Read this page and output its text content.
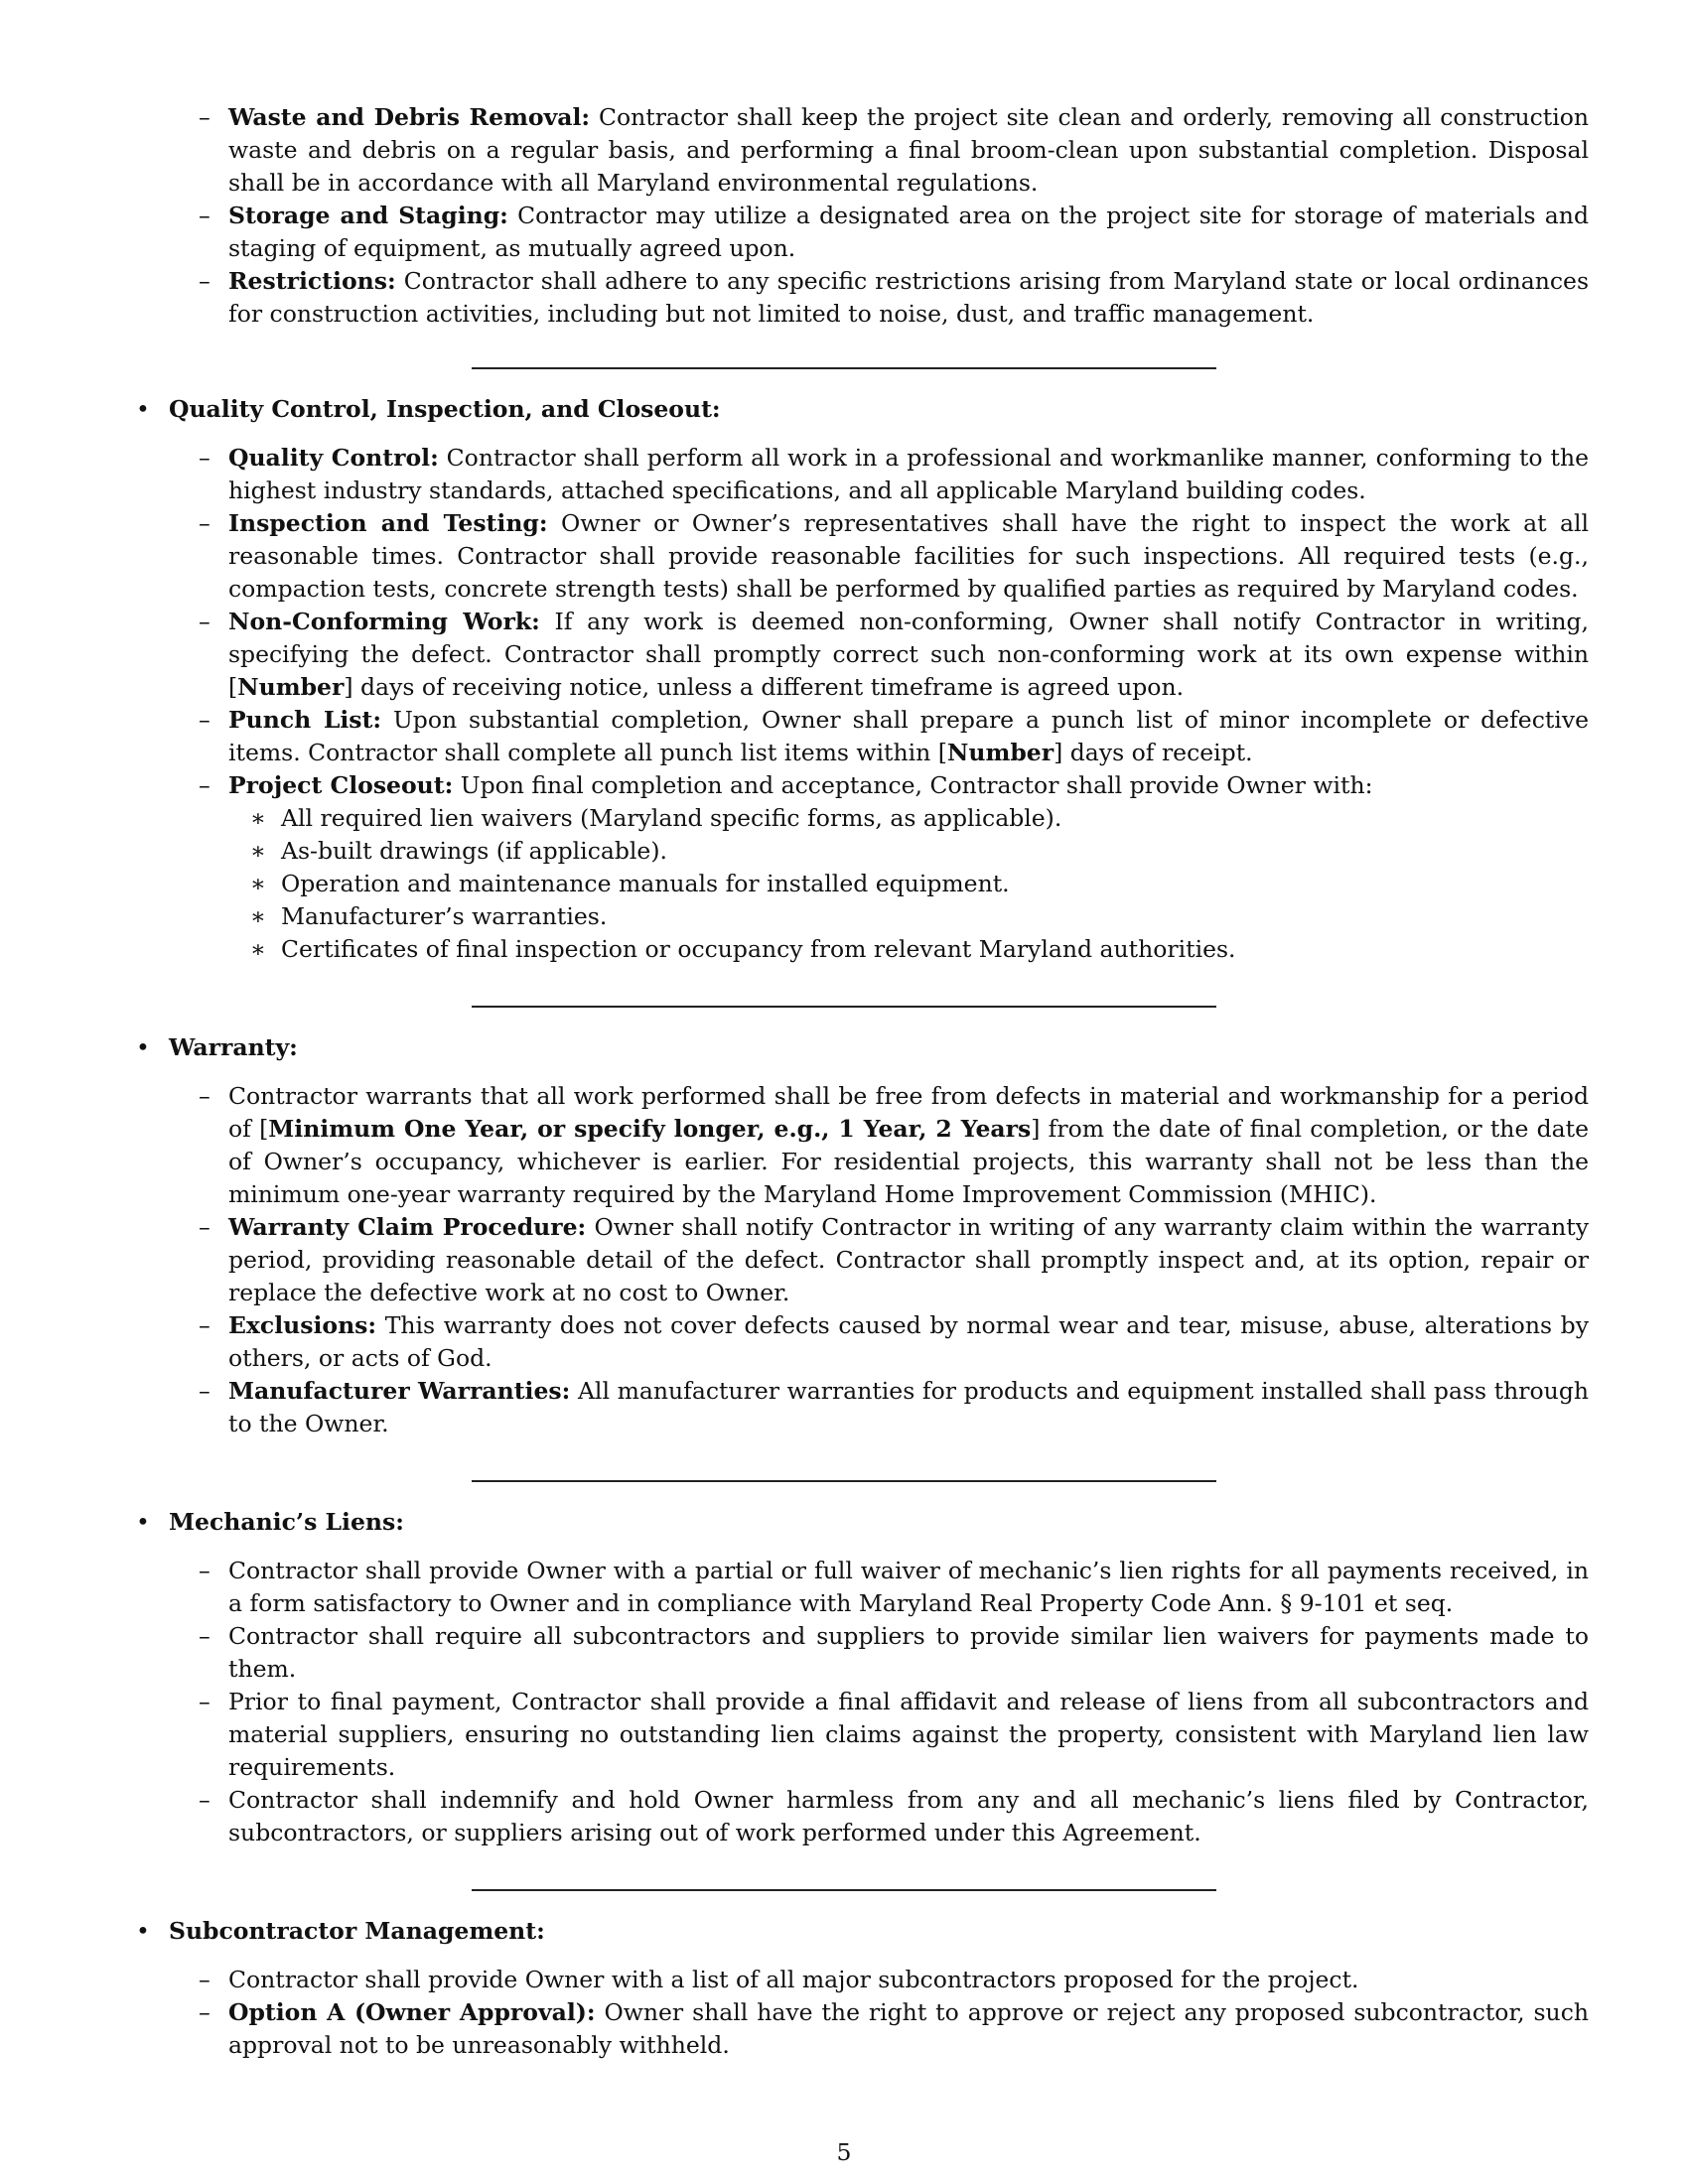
– Waste and Debris Removal: Contractor shall keep the project site clean and orderly, removing all construction waste and debris on a regular basis, and performing a final broom-clean upon substantial completion. Disposal shall be in accordance with all Maryland environmental regulations.
– Storage and Staging: Contractor may utilize a designated area on the project site for storage of materials and staging of equipment, as mutually agreed upon.
– Restrictions: Contractor shall adhere to any specific restrictions arising from Maryland state or local ordinances for construction activities, including but not limited to noise, dust, and traffic management.
• Quality Control, Inspection, and Closeout:
– Quality Control: Contractor shall perform all work in a professional and workmanlike manner, conforming to the highest industry standards, attached specifications, and all applicable Maryland building codes.
– Inspection and Testing: Owner or Owner’s representatives shall have the right to inspect the work at all reasonable times. Contractor shall provide reasonable facilities for such inspections. All required tests (e.g., compaction tests, concrete strength tests) shall be performed by qualified parties as required by Maryland codes.
– Non-Conforming Work: If any work is deemed non-conforming, Owner shall notify Contractor in writing, specifying the defect. Contractor shall promptly correct such non-conforming work at its own expense within [Number] days of receiving notice, unless a different timeframe is agreed upon.
– Punch List: Upon substantial completion, Owner shall prepare a punch list of minor incomplete or defective items. Contractor shall complete all punch list items within [Number] days of receipt.
– Project Closeout: Upon final completion and acceptance, Contractor shall provide Owner with:
∗ All required lien waivers (Maryland specific forms, as applicable).
∗ As-built drawings (if applicable).
∗ Operation and maintenance manuals for installed equipment.
∗ Manufacturer’s warranties.
∗ Certificates of final inspection or occupancy from relevant Maryland authorities.
• Warranty:
– Contractor warrants that all work performed shall be free from defects in material and workmanship for a period of [Minimum One Year, or specify longer, e.g., 1 Year, 2 Years] from the date of final completion, or the date of Owner’s occupancy, whichever is earlier. For residential projects, this warranty shall not be less than the minimum one-year warranty required by the Maryland Home Improvement Commission (MHIC).
– Warranty Claim Procedure: Owner shall notify Contractor in writing of any warranty claim within the warranty period, providing reasonable detail of the defect. Contractor shall promptly inspect and, at its option, repair or replace the defective work at no cost to Owner.
– Exclusions: This warranty does not cover defects caused by normal wear and tear, misuse, abuse, alterations by others, or acts of God.
– Manufacturer Warranties: All manufacturer warranties for products and equipment installed shall pass through to the Owner.
• Mechanic’s Liens:
– Contractor shall provide Owner with a partial or full waiver of mechanic’s lien rights for all payments received, in a form satisfactory to Owner and in compliance with Maryland Real Property Code Ann. § 9-101 et seq.
– Contractor shall require all subcontractors and suppliers to provide similar lien waivers for payments made to them.
– Prior to final payment, Contractor shall provide a final affidavit and release of liens from all subcontractors and material suppliers, ensuring no outstanding lien claims against the property, consistent with Maryland lien law requirements.
– Contractor shall indemnify and hold Owner harmless from any and all mechanic’s liens filed by Contractor, subcontractors, or suppliers arising out of work performed under this Agreement.
• Subcontractor Management:
– Contractor shall provide Owner with a list of all major subcontractors proposed for the project.
– Option A (Owner Approval): Owner shall have the right to approve or reject any proposed subcontractor, such approval not to be unreasonably withheld.
5
